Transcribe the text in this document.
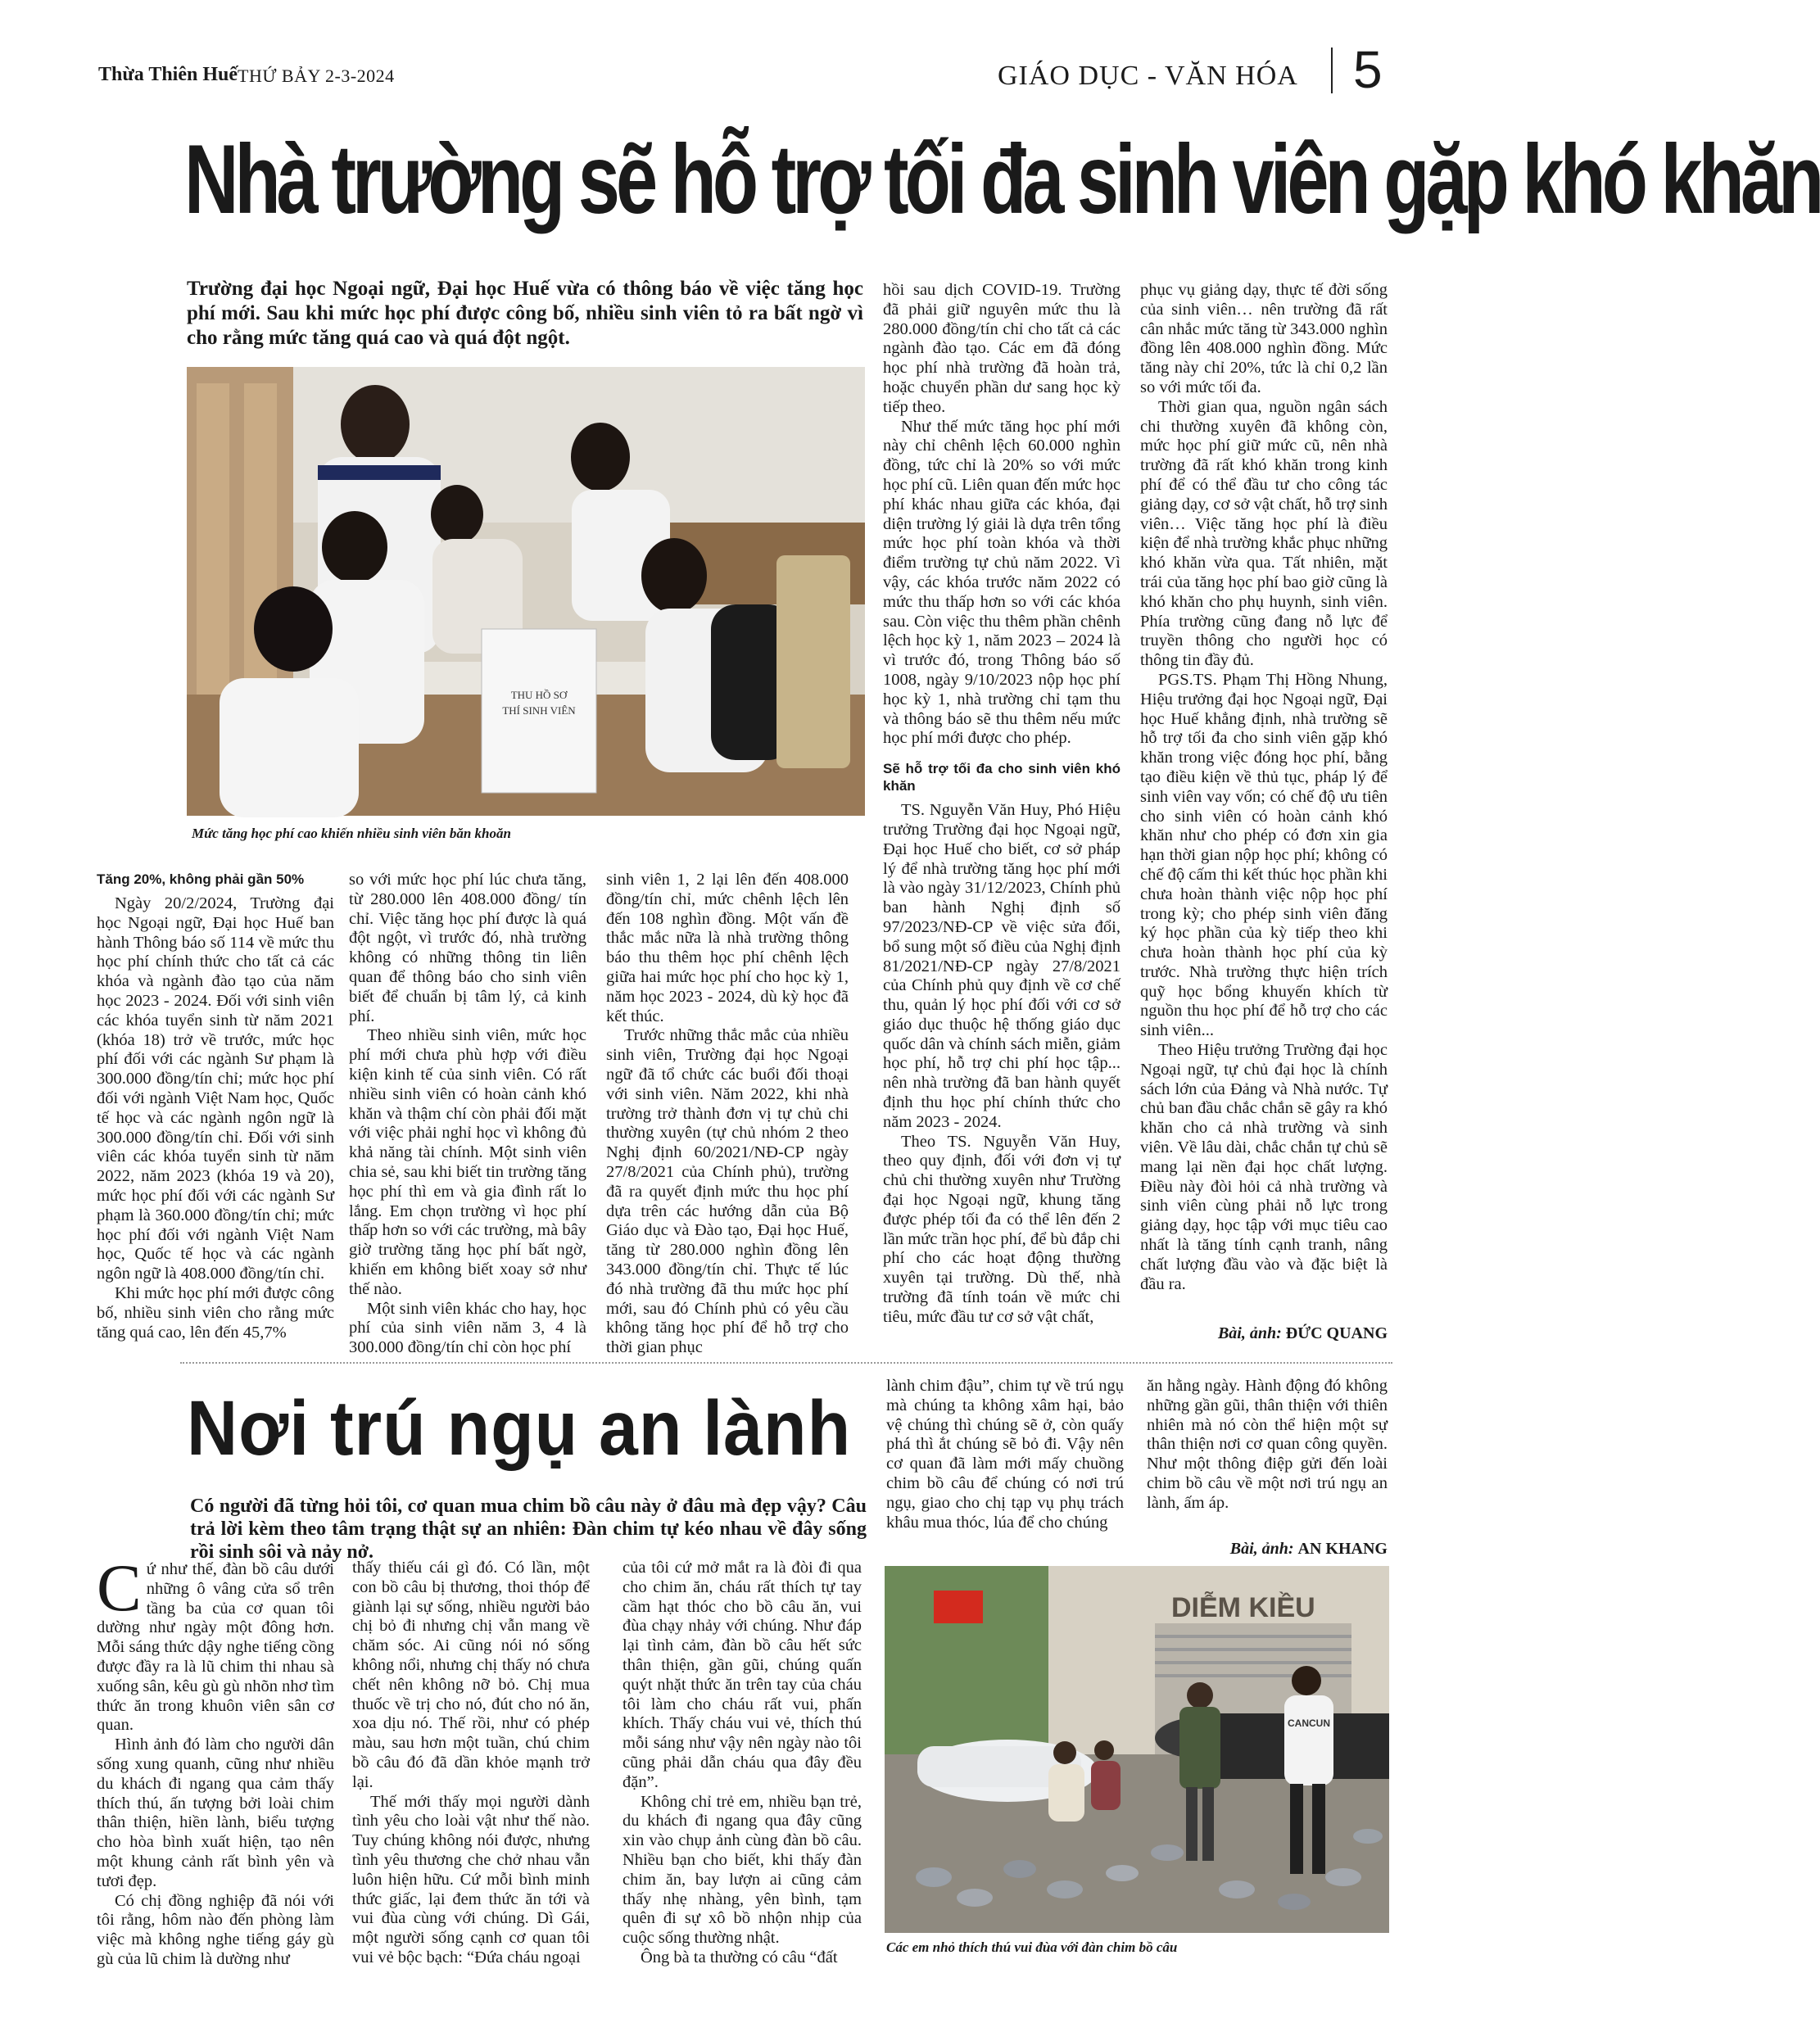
Thừa Thiên Huế THỨ BẢY 2-3-2024	GIÁO DỤC - VĂN HÓA 5
Nhà trường sẽ hỗ trợ tối đa sinh viên gặp khó khăn
Trường đại học Ngoại ngữ, Đại học Huế vừa có thông báo về việc tăng học phí mới. Sau khi mức học phí được công bố, nhiều sinh viên tỏ ra bất ngờ vì cho rằng mức tăng quá cao và quá đột ngột.
THU HỒ SƠ
THÍ SINH VIÊN
Mức tăng học phí cao khiến nhiều sinh viên băn khoăn
Tăng 20%, không phải gần 50%

Ngày 20/2/2024, Trường đại học Ngoại ngữ, Đại học Huế ban hành Thông báo số 114 về mức thu học phí chính thức cho tất cả các khóa và ngành đào tạo của năm học 2023 - 2024. Đối với sinh viên các khóa tuyển sinh từ năm 2021 (khóa 18) trở về trước, mức học phí đối với các ngành Sư phạm là 300.000 đồng/tín chỉ; mức học phí đối với ngành Việt Nam học, Quốc tế học và các ngành ngôn ngữ là 300.000 đồng/tín chỉ. Đối với sinh viên các khóa tuyển sinh từ năm 2022, năm 2023 (khóa 19 và 20), mức học phí đối với các ngành Sư phạm là 360.000 đồng/tín chỉ; mức học phí đối với ngành Việt Nam học, Quốc tế học và các ngành ngôn ngữ là 408.000 đồng/tín chỉ.

Khi mức học phí mới được công bố, nhiều sinh viên cho rằng mức tăng quá cao, lên đến 45,7%

so với mức học phí lúc chưa tăng, từ 280.000 lên 408.000 đồng/ tín chỉ. Việc tăng học phí được là quá đột ngột, vì trước đó, nhà trường không có những thông tin liên quan để thông báo cho sinh viên biết để chuẩn bị tâm lý, cả kinh phí.

Theo nhiều sinh viên, mức học phí mới chưa phù hợp với điều kiện kinh tế của sinh viên. Có rất nhiều sinh viên có hoàn cảnh khó khăn và thậm chí còn phải đối mặt với việc phải nghỉ học vì không đủ khả năng tài chính. Một sinh viên chia sẻ, sau khi biết tin trường tăng học phí thì em và gia đình rất lo lắng. Em chọn trường vì học phí thấp hơn so với các trường, mà bây giờ trường tăng học phí bất ngờ, khiến em không biết xoay sở như thế nào.

Một sinh viên khác cho hay, học phí của sinh viên năm 3, 4 là 300.000 đồng/tín chỉ còn học phí

sinh viên 1, 2 lại lên đến 408.000 đồng/tín chỉ, mức chênh lệch lên đến 108 nghìn đồng. Một vấn đề thắc mắc nữa là nhà trường thông báo thu thêm học phí chênh lệch giữa hai mức học phí cho học kỳ 1, năm học 2023 - 2024, dù kỳ học đã kết thúc.

Trước những thắc mắc của nhiều sinh viên, Trường đại học Ngoại ngữ đã tổ chức các buổi đối thoại với sinh viên. Năm 2022, khi nhà trường trở thành đơn vị tự chủ chi thường xuyên (tự chủ nhóm 2 theo Nghị định 60/2021/NĐ-CP ngày 27/8/2021 của Chính phủ), trường đã ra quyết định mức thu học phí dựa trên các hướng dẫn của Bộ Giáo dục và Đào tạo, Đại học Huế, tăng từ 280.000 nghìn đồng lên 343.000 đồng/tín chỉ. Thực tế lúc đó nhà trường đã thu mức học phí mới, sau đó Chính phủ có yêu cầu không tăng học phí để hỗ trợ cho thời gian phục

hồi sau dịch COVID-19. Trường đã phải giữ nguyên mức thu là 280.000 đồng/tín chỉ cho tất cả các ngành đào tạo. Các em đã đóng học phí nhà trường đã hoàn trả, hoặc chuyển phần dư sang học kỳ tiếp theo.

Như thế mức tăng học phí mới này chỉ chênh lệch 60.000 nghìn đồng, tức chỉ là 20% so với mức học phí cũ. Liên quan đến mức học phí khác nhau giữa các khóa, đại diện trường lý giải là dựa trên tổng mức học phí toàn khóa và thời điểm trường tự chủ năm 2022. Vì vậy, các khóa trước năm 2022 có mức thu thấp hơn so với các khóa sau. Còn việc thu thêm phần chênh lệch học kỳ 1, năm 2023 – 2024 là vì trước đó, trong Thông báo số 1008, ngày 9/10/2023 nộp học phí học kỳ 1, nhà trường chỉ tạm thu và thông báo sẽ thu thêm nếu mức học phí mới được cho phép.

Sẽ hỗ trợ tối đa cho sinh viên khó khăn

TS. Nguyễn Văn Huy, Phó Hiệu trưởng Trường đại học Ngoại ngữ, Đại học Huế cho biết, cơ sở pháp lý để nhà trường tăng học phí mới là vào ngày 31/12/2023, Chính phủ ban hành Nghị định số 97/2023/NĐ-CP về việc sửa đổi, bổ sung một số điều của Nghị định 81/2021/NĐ-CP ngày 27/8/2021 của Chính phủ quy định về cơ chế thu, quản lý học phí đối với cơ sở giáo dục thuộc hệ thống giáo dục quốc dân và chính sách miễn, giảm học phí, hỗ trợ chi phí học tập... nên nhà trường đã ban hành quyết định thu học phí chính thức cho năm 2023 - 2024.

Theo TS. Nguyễn Văn Huy, theo quy định, đối với đơn vị tự chủ chi thường xuyên như Trường đại học Ngoại ngữ, khung tăng được phép tối đa có thể lên đến 2 lần mức trần học phí, để bù đắp chi phí cho các hoạt động thường xuyên tại trường. Dù thế, nhà trường đã tính toán về mức chi tiêu, mức đầu tư cơ sở vật chất,

phục vụ giảng dạy, thực tế đời sống của sinh viên… nên trường đã rất cân nhắc mức tăng từ 343.000 nghìn đồng lên 408.000 nghìn đồng. Mức tăng này chỉ 20%, tức là chỉ 0,2 lần so với mức tối đa.

Thời gian qua, nguồn ngân sách chi thường xuyên đã không còn, mức học phí giữ mức cũ, nên nhà trường đã rất khó khăn trong kinh phí để có thể đầu tư cho công tác giảng dạy, cơ sở vật chất, hỗ trợ sinh viên… Việc tăng học phí là điều kiện để nhà trường khắc phục những khó khăn vừa qua. Tất nhiên, mặt trái của tăng học phí bao giờ cũng là khó khăn cho phụ huynh, sinh viên. Phía trường cũng đang nỗ lực để truyền thông cho người học có thông tin đầy đủ.

PGS.TS. Phạm Thị Hồng Nhung, Hiệu trưởng đại học Ngoại ngữ, Đại học Huế khẳng định, nhà trường sẽ hỗ trợ tối đa cho sinh viên gặp khó khăn trong việc đóng học phí, bằng tạo điều kiện về thủ tục, pháp lý để sinh viên vay vốn; có chế độ ưu tiên cho sinh viên có hoàn cảnh khó khăn như cho phép có đơn xin gia hạn thời gian nộp học phí; không có chế độ cấm thi kết thúc học phần khi chưa hoàn thành việc nộp học phí trong kỳ; cho phép sinh viên đăng ký học phần của kỳ tiếp theo khi chưa hoàn thành học phí của kỳ trước. Nhà trường thực hiện trích quỹ học bổng khuyến khích từ nguồn thu học phí để hỗ trợ cho các sinh viên...

Theo Hiệu trưởng Trường đại học Ngoại ngữ, tự chủ đại học là chính sách lớn của Đảng và Nhà nước. Tự chủ ban đầu chắc chắn sẽ gây ra khó khăn cho cả nhà trường và sinh viên. Về lâu dài, chắc chắn tự chủ sẽ mang lại nền đại học chất lượng. Điều này đòi hỏi cả nhà trường và sinh viên cùng phải nỗ lực trong giảng dạy, học tập với mục tiêu cao nhất là tăng tính cạnh tranh, nâng chất lượng đầu vào và đặc biệt là đầu ra.

Bài, ảnh: ĐỨC QUANG
Nơi trú ngụ an lành
Có người đã từng hỏi tôi, cơ quan mua chim bồ câu này ở đâu mà đẹp vậy? Câu trả lời kèm theo tâm trạng thật sự an nhiên: Đàn chim tự kéo nhau về đây sống rồi sinh sôi và nảy nở.

Cứ như thế, đàn bồ câu dưới những ô vâng cửa sổ trên tầng ba của cơ quan tôi dường như ngày một đông hơn. Mỗi sáng thức dậy nghe tiếng cồng được đầy ra là lũ chim thi nhau sà xuống sân, kêu gù gù nhõn nhơ tìm thức ăn trong khuôn viên sân cơ quan.

Hình ảnh đó làm cho người dân sống xung quanh, cũng như nhiều du khách đi ngang qua cảm thấy thích thú, ấn tượng bởi loài chim thân thiện, hiền lành, biểu tượng cho hòa bình xuất hiện, tạo nên một khung cảnh rất bình yên và tươi đẹp.

Có chị đồng nghiệp đã nói với tôi rằng, hôm nào đến phòng làm việc mà không nghe tiếng gáy gù gù của lũ chim là dường như

thấy thiếu cái gì đó. Có lần, một con bồ câu bị thương, thoi thóp để giành lại sự sống, nhiều người bảo chị bỏ đi nhưng chị vẫn mang về chăm sóc. Ai cũng nói nó sống không nổi, nhưng chị thấy nó chưa chết nên không nỡ bỏ. Chị mua thuốc về trị cho nó, đút cho nó ăn, xoa dịu nó. Thế rồi, như có phép màu, sau hơn một tuần, chú chim bồ câu đó đã dần khỏe mạnh trở lại.

Thế mới thấy mọi người dành tình yêu cho loài vật như thế nào. Tuy chúng không nói được, nhưng tình yêu thương che chở nhau vẫn luôn hiện hữu. Cứ mỗi bình minh thức giấc, lại đem thức ăn tới và vui đùa cùng với chúng. Dì Gái, một người sống cạnh cơ quan tôi vui vẻ bộc bạch: “Đứa cháu ngoại

của tôi cứ mở mắt ra là đòi đi qua cho chim ăn, cháu rất thích tự tay cầm hạt thóc cho bồ câu ăn, vui đùa chạy nhảy với chúng. Như đáp lại tình cảm, đàn bồ câu hết sức thân thiện, gần gũi, chúng quấn quýt nhặt thức ăn trên tay của cháu tôi làm cho cháu rất vui, phấn khích. Thấy cháu vui vẻ, thích thú mỗi sáng như vậy nên ngày nào tôi cũng phải dẫn cháu qua đây đều đặn”.

Không chỉ trẻ em, nhiều bạn trẻ, du khách đi ngang qua đây cũng xin vào chụp ảnh cùng đàn bồ câu. Nhiều bạn cho biết, khi thấy đàn chim ăn, bay lượn ai cũng cảm thấy nhẹ nhàng, yên bình, tạm quên đi sự xô bồ nhộn nhịp của cuộc sống thường nhật.

Ông bà ta thường có câu “đất

lành chim đậu”, chim tự về trú ngụ mà chúng ta không xâm hại, bảo vệ chúng thì chúng sẽ ở, còn quấy phá thì ắt chúng sẽ bỏ đi. Vậy nên cơ quan đã làm mới mấy chuồng chim bồ câu để chúng có nơi trú ngụ, giao cho chị tạp vụ phụ trách khâu mua thóc, lúa để cho chúng

ăn hằng ngày. Hành động đó không những gần gũi, thân thiện với thiên nhiên mà nó còn thể hiện một sự thân thiện nơi cơ quan công quyền. Như một thông điệp gửi đến loài chim bồ câu về một nơi trú ngụ an lành, ấm áp.

Bài, ảnh: AN KHANG
DIỄM KIỀU
CANCUN
Các em nhỏ thích thú vui đùa với đàn chim bồ câu
